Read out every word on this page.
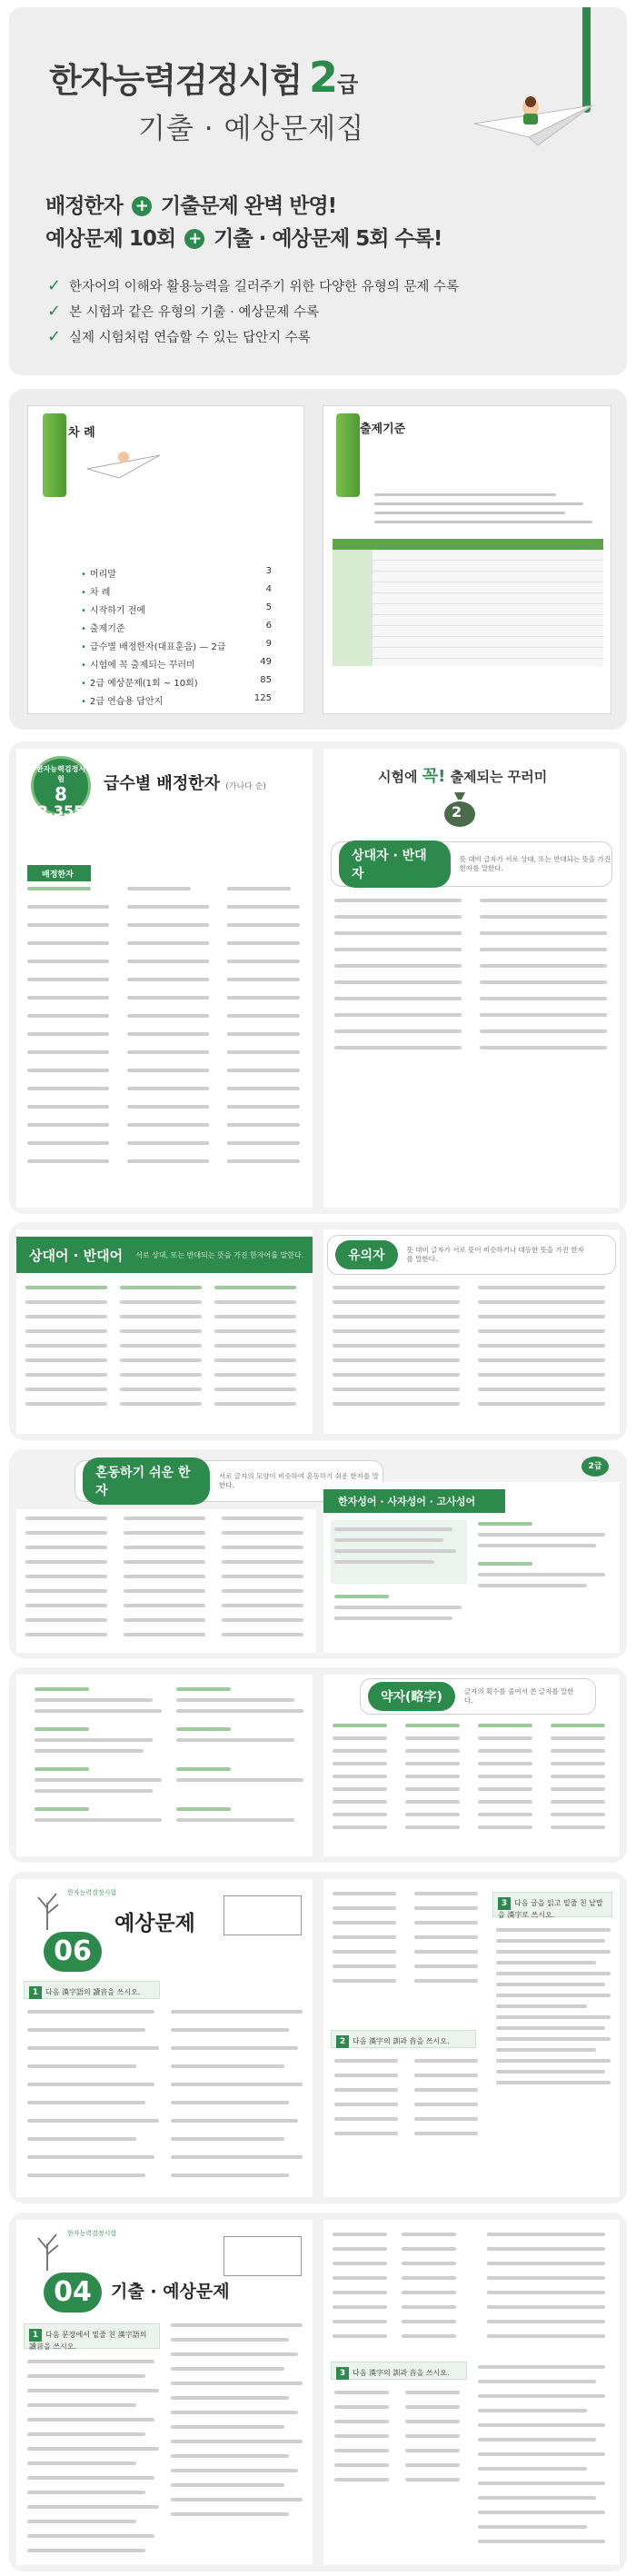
한자능력검정시험 2급
기출 · 예상문제집
배정한자 + 기출문제 완벽 반영!
예상문제 10회 + 기출 · 예상문제 5회 수록!
✓ 한자어의 이해와 활용능력을 길러주기 위한 다양한 유형의 문제 수록
✓ 본 시험과 같은 유형의 기출 · 예상문제 수록
✓ 실제 시험처럼 연습할 수 있는 답안지 수록
차 례
• 머리말	3
• 차 례	4
• 시작하기 전에	5
• 출제기준	6
• 급수별 배정한자(대표훈음) — 2급	9
• 시험에 꼭 출제되는 꾸러미	49
• 2급 예상문제(1회 ~ 10회)	85
• 2급 연습용 답안지	125
출제기준
한자능력검정시험
8
2,355
급수별 배정한자 (가나다 순)
배정한자
시험에 꼭! 출제되는 꾸러미
2
상대자 · 반대자
뜻 대비 글자가 서로 상대, 또는 반대되는 뜻을 가진 한자를 말한다.
상대어 · 반대어 서로 상대, 또는 반대되는 뜻을 가진 한자어를 말한다.	유의자	뜻 대비 글자가 서로 뜻이 비슷하거나 대등한 뜻을 가진 한자를 말한다.
혼동하기 쉬운 한자
서로 글자의 모양이 비슷하여 혼동하기 쉬운 한자를 말한다.
2급
한자성어 · 사자성어 · 고사성어
약자(略字)	글자의 획수를 줄여서 쓴 글자를 말한다.
한자능력검정시험
06
예상문제
1 다음 漢字語의 讀音을 쓰시오.
2 다음 漢字의 訓과 音을 쓰시오.
3 다음 글을 읽고 밑줄 친 낱말을 漢字로 쓰시오.
한자능력검정시험
04	기출 · 예상문제
1 다음 문장에서 밑줄 친 漢字語의 讀音을 쓰시오.
3 다음 漢字의 訓과 音을 쓰시오.
